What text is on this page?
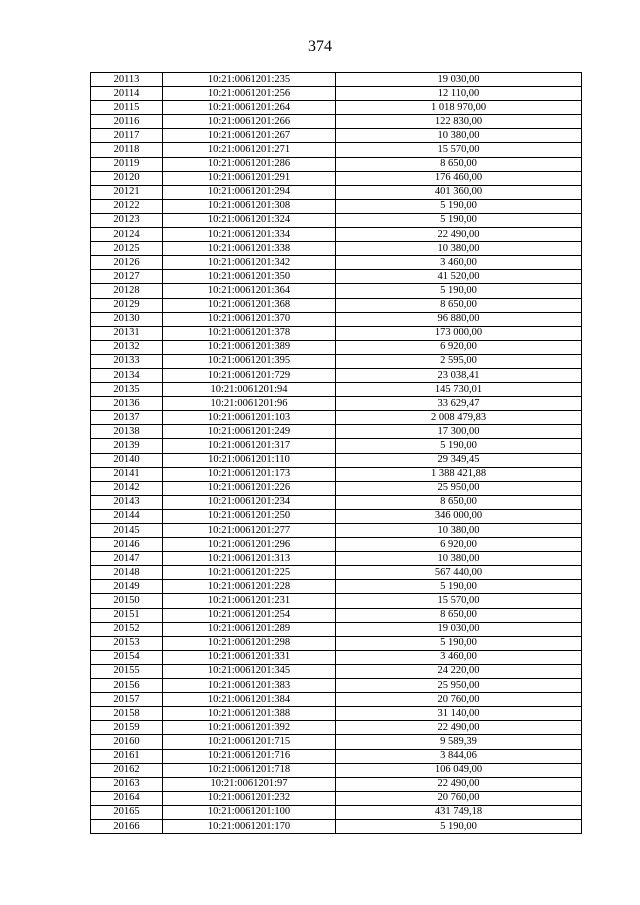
374
20113	10:21:0061201:235	19 030,00
20114	10:21:0061201:256	12 110,00
20115	10:21:0061201:264	1 018 970,00
20116	10:21:0061201:266	122 830,00
20117	10:21:0061201:267	10 380,00
20118	10:21:0061201:271	15 570,00
20119	10:21:0061201:286	8 650,00
20120	10:21:0061201:291	176 460,00
20121	10:21:0061201:294	401 360,00
20122	10:21:0061201:308	5 190,00
20123	10:21:0061201:324	5 190,00
20124	10:21:0061201:334	22 490,00
20125	10:21:0061201:338	10 380,00
20126	10:21:0061201:342	3 460,00
20127	10:21:0061201:350	41 520,00
20128	10:21:0061201:364	5 190,00
20129	10:21:0061201:368	8 650,00
20130	10:21:0061201:370	96 880,00
20131	10:21:0061201:378	173 000,00
20132	10:21:0061201:389	6 920,00
20133	10:21:0061201:395	2 595,00
20134	10:21:0061201:729	23 038,41
20135	10:21:0061201:94	145 730,01
20136	10:21:0061201:96	33 629,47
20137	10:21:0061201:103	2 008 479,83
20138	10:21:0061201:249	17 300,00
20139	10:21:0061201:317	5 190,00
20140	10:21:0061201:110	29 349,45
20141	10:21:0061201:173	1 388 421,88
20142	10:21:0061201:226	25 950,00
20143	10:21:0061201:234	8 650,00
20144	10:21:0061201:250	346 000,00
20145	10:21:0061201:277	10 380,00
20146	10:21:0061201:296	6 920,00
20147	10:21:0061201:313	10 380,00
20148	10:21:0061201:225	567 440,00
20149	10:21:0061201:228	5 190,00
20150	10:21:0061201:231	15 570,00
20151	10:21:0061201:254	8 650,00
20152	10:21:0061201:289	19 030,00
20153	10:21:0061201:298	5 190,00
20154	10:21:0061201:331	3 460,00
20155	10:21:0061201:345	24 220,00
20156	10:21:0061201:383	25 950,00
20157	10:21:0061201:384	20 760,00
20158	10:21:0061201:388	31 140,00
20159	10:21:0061201:392	22 490,00
20160	10:21:0061201:715	9 589,39
20161	10:21:0061201:716	3 844,06
20162	10:21:0061201:718	106 049,00
20163	10:21:0061201:97	22 490,00
20164	10:21:0061201:232	20 760,00
20165	10:21:0061201:100	431 749,18
20166	10:21:0061201:170	5 190,00
